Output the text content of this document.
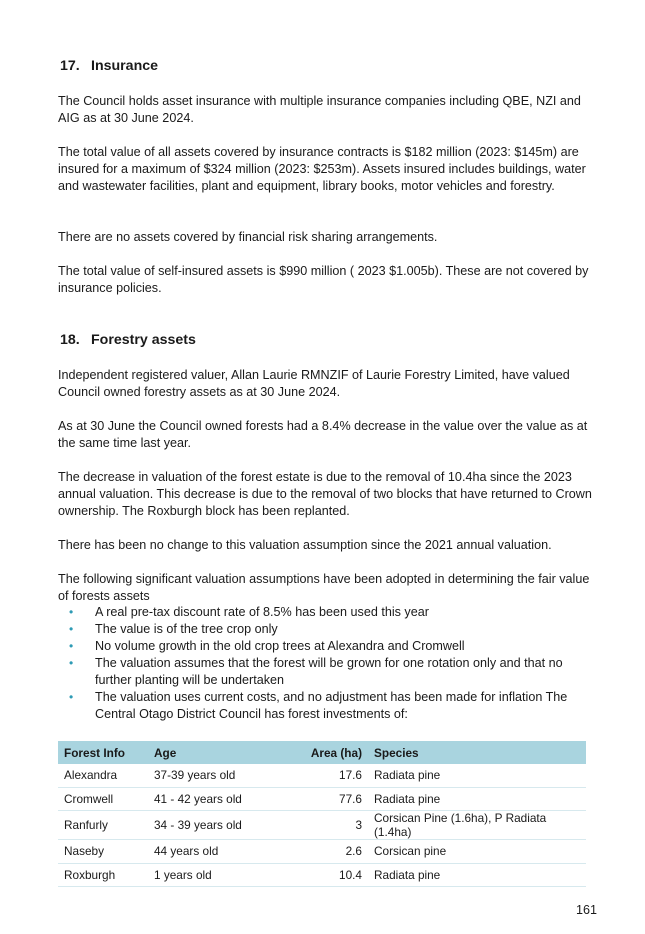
17. Insurance

The Council holds asset insurance with multiple insurance companies including QBE, NZI and AIG as at 30 June 2024.

The total value of all assets covered by insurance contracts is $182 million (2023: $145m) are insured for a maximum of $324 million (2023: $253m). Assets insured includes buildings, water and wastewater facilities, plant and equipment, library books, motor vehicles and forestry.

There are no assets covered by financial risk sharing arrangements.

The total value of self-insured assets is $990 million ( 2023 $1.005b). These are not covered by insurance policies.

18. Forestry assets

Independent registered valuer, Allan Laurie RMNZIF of Laurie Forestry Limited, have valued Council owned forestry assets as at 30 June 2024.

As at 30 June the Council owned forests had a 8.4% decrease in the value over the value as at the same time last year.

The decrease in valuation of the forest estate is due to the removal of 10.4ha since the 2023 annual valuation. This decrease is due to the removal of two blocks that have returned to Crown ownership. The Roxburgh block has been replanted.

There has been no change to this valuation assumption since the 2021 annual valuation.

The following significant valuation assumptions have been adopted in determining the fair value of forests assets

• A real pre-tax discount rate of 8.5% has been used this year
• The value is of the tree crop only
• No volume growth in the old crop trees at Alexandra and Cromwell
• The valuation assumes that the forest will be grown for one rotation only and that no further planting will be undertaken
• The valuation uses current costs, and no adjustment has been made for inflation The Central Otago District Council has forest investments of:
Forest Info	Age	Area (ha)	Species
Alexandra	37-39 years old	17.6	Radiata pine
Cromwell	41 - 42 years old	77.6	Radiata pine
Ranfurly	34 - 39 years old	3	Corsican Pine (1.6ha), P Radiata (1.4ha)
Naseby	44 years old	2.6	Corsican pine
Roxburgh	1 years old	10.4	Radiata pine
161
